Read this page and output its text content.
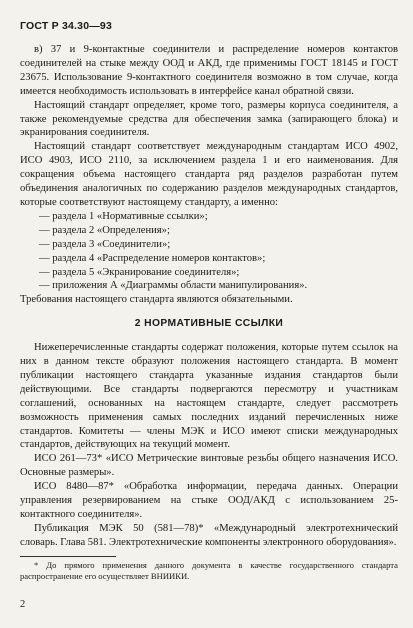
ГОСТ Р 34.30—93

в) 37 и 9-контактные соединители и распределение номеров контактов соединителей на стыке между ООД и АКД, где применимы ГОСТ 18145 и ГОСТ 23675. Использование 9-контактного соединителя возможно в том случае, когда имеется необходимость использовать в интерфейсе канал обратной связи.

Настоящий стандарт определяет, кроме того, размеры корпуса соединителя, а также рекомендуемые средства для обеспечения замка (запирающего блока) и экранирования соединителя.

Настоящий стандарт соответствует международным стандартам ИСО 4902, ИСО 4903, ИСО 2110, за исключением раздела 1 и его наименования. Для сокращения объема настоящего стандарта ряд разделов разработан путем объединения аналогичных по содержанию разделов международных стандартов, которые соответствуют настоящему стандарту, а именно:

— раздела 1 «Нормативные ссылки»;

— раздела 2 «Определения»;

— раздела 3 «Соединители»;

— раздела 4 «Распределение номеров контактов»;

— раздела 5 «Экранирование соединителя»;

— приложения А «Диаграммы области манипулирования».

Требования настоящего стандарта являются обязательными.

2 НОРМАТИВНЫЕ ССЫЛКИ

Нижеперечисленные стандарты содержат положения, которые путем ссылок на них в данном тексте образуют положения настоящего стандарта. В момент публикации настоящего стандарта указанные издания стандартов были действующими. Все стандарты подвергаются пересмотру и участникам соглашений, основанных на настоящем стандарте, следует рассмотреть возможность применения самых последних изданий перечисленных ниже стандартов. Комитеты — члены МЭК и ИСО имеют списки международных стандартов, действующих на текущий момент.

ИСО 261—73* «ИСО Метрические винтовые резьбы общего назначения ИСО. Основные размеры».

ИСО 8480—87* «Обработка информации, передача данных. Операции управления резервированием на стыке ООД/АКД с использованием 25-контактного соединителя».

Публикация МЭК 50 (581—78)* «Международный электротехнический словарь. Глава 581. Электротехнические компоненты электронного оборудования».

* До прямого применения данного документа в качестве государственного стандарта распространение его осуществляет ВНИИКИ.

2
